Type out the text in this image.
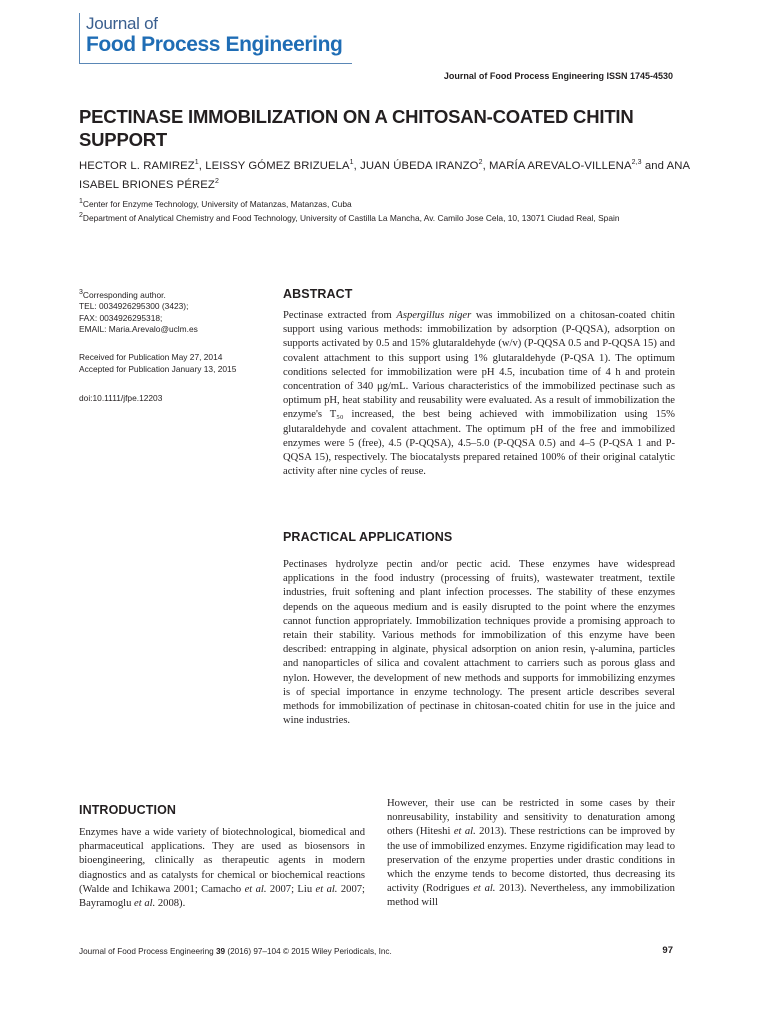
Journal of
Food Process Engineering
Journal of Food Process Engineering ISSN 1745-4530
PECTINASE IMMOBILIZATION ON A CHITOSAN-COATED CHITIN SUPPORT

HECTOR L. RAMIREZ$^1$, LEISSY GÓMEZ BRIZUELA$^1$, JUAN ÚBEDA IRANZO$^2$, MARÍA AREVALO-VILLENA$^{2,3}$ and ANA ISABEL BRIONES PÉREZ$^2$

$^1$Center for Enzyme Technology, University of Matanzas, Matanzas, Cuba

$^2$Department of Analytical Chemistry and Food Technology, University of Castilla La Mancha, Av. Camilo Jose Cela, 10, 13071 Ciudad Real, Spain

$^3$Corresponding author.
TEL: 0034926295300 (3423);
FAX: 0034926295318;
EMAIL: Maria.Arevalo@uclm.es

Received for Publication May 27, 2014
Accepted for Publication January 13, 2015

doi:10.1111/jfpe.12203

ABSTRACT

Pectinase extracted from Aspergillus niger was immobilized on a chitosan-coated chitin support using various methods: immobilization by adsorption (P-QQSA), adsorption on supports activated by 0.5 and 15% glutaraldehyde (w/v) (P-QQSA 0.5 and P-QQSA 15) and covalent attachment to this support using 1% glutaraldehyde (P-QSA 1). The optimum conditions selected for immobilization were pH 4.5, incubation time of 4 h and protein concentration of 340 μg/mL. Various characteristics of the immobilized pectinase such as optimum pH, heat stability and reusability were evaluated. As a result of immobilization the enzyme's T₅₀ increased, the best being achieved with immobilization using 15% glutaraldehyde and covalent attachment. The optimum pH of the free and immobilized enzymes were 5 (free), 4.5 (P-QQSA), 4.5–5.0 (P-QQSA 0.5) and 4–5 (P-QSA 1 and P-QQSA 15), respectively. The biocatalysts prepared retained 100% of their original catalytic activity after nine cycles of reuse.

PRACTICAL APPLICATIONS

Pectinases hydrolyze pectin and/or pectic acid. These enzymes have widespread applications in the food industry (processing of fruits), wastewater treatment, textile industries, fruit softening and plant infection processes. The stability of these enzymes depends on the aqueous medium and is easily disrupted to the point where the enzymes cannot function appropriately. Immobilization techniques provide a promising approach to retain their stability. Various methods for immobilization of this enzyme have been described: entrapping in alginate, physical adsorption on anion resin, γ-alumina, particles and nanoparticles of silica and covalent attachment to carriers such as porous glass and nylon. However, the development of new methods and supports for immobilizing enzymes is of special importance in enzyme technology. The present article describes several methods for immobilization of pectinase in chitosan-coated chitin for use in the juice and wine industries.

INTRODUCTION

Enzymes have a wide variety of biotechnological, biomedical and pharmaceutical applications. They are used as biosensors in bioengineering, clinically as therapeutic agents in modern diagnostics and as catalysts for chemical or biochemical reactions (Walde and Ichikawa 2001; Camacho et al. 2007; Liu et al. 2007; Bayramoglu et al. 2008).

However, their use can be restricted in some cases by their nonreusability, instability and sensitivity to denaturation among others (Hiteshi et al. 2013). These restrictions can be improved by the use of immobilized enzymes. Enzyme rigidification may lead to preservation of the enzyme properties under drastic conditions in which the enzyme tends to become distorted, thus decreasing its activity (Rodrigues et al. 2013). Nevertheless, any immobilization method will

Journal of Food Process Engineering 39 (2016) 97–104 © 2015 Wiley Periodicals, Inc.	97
